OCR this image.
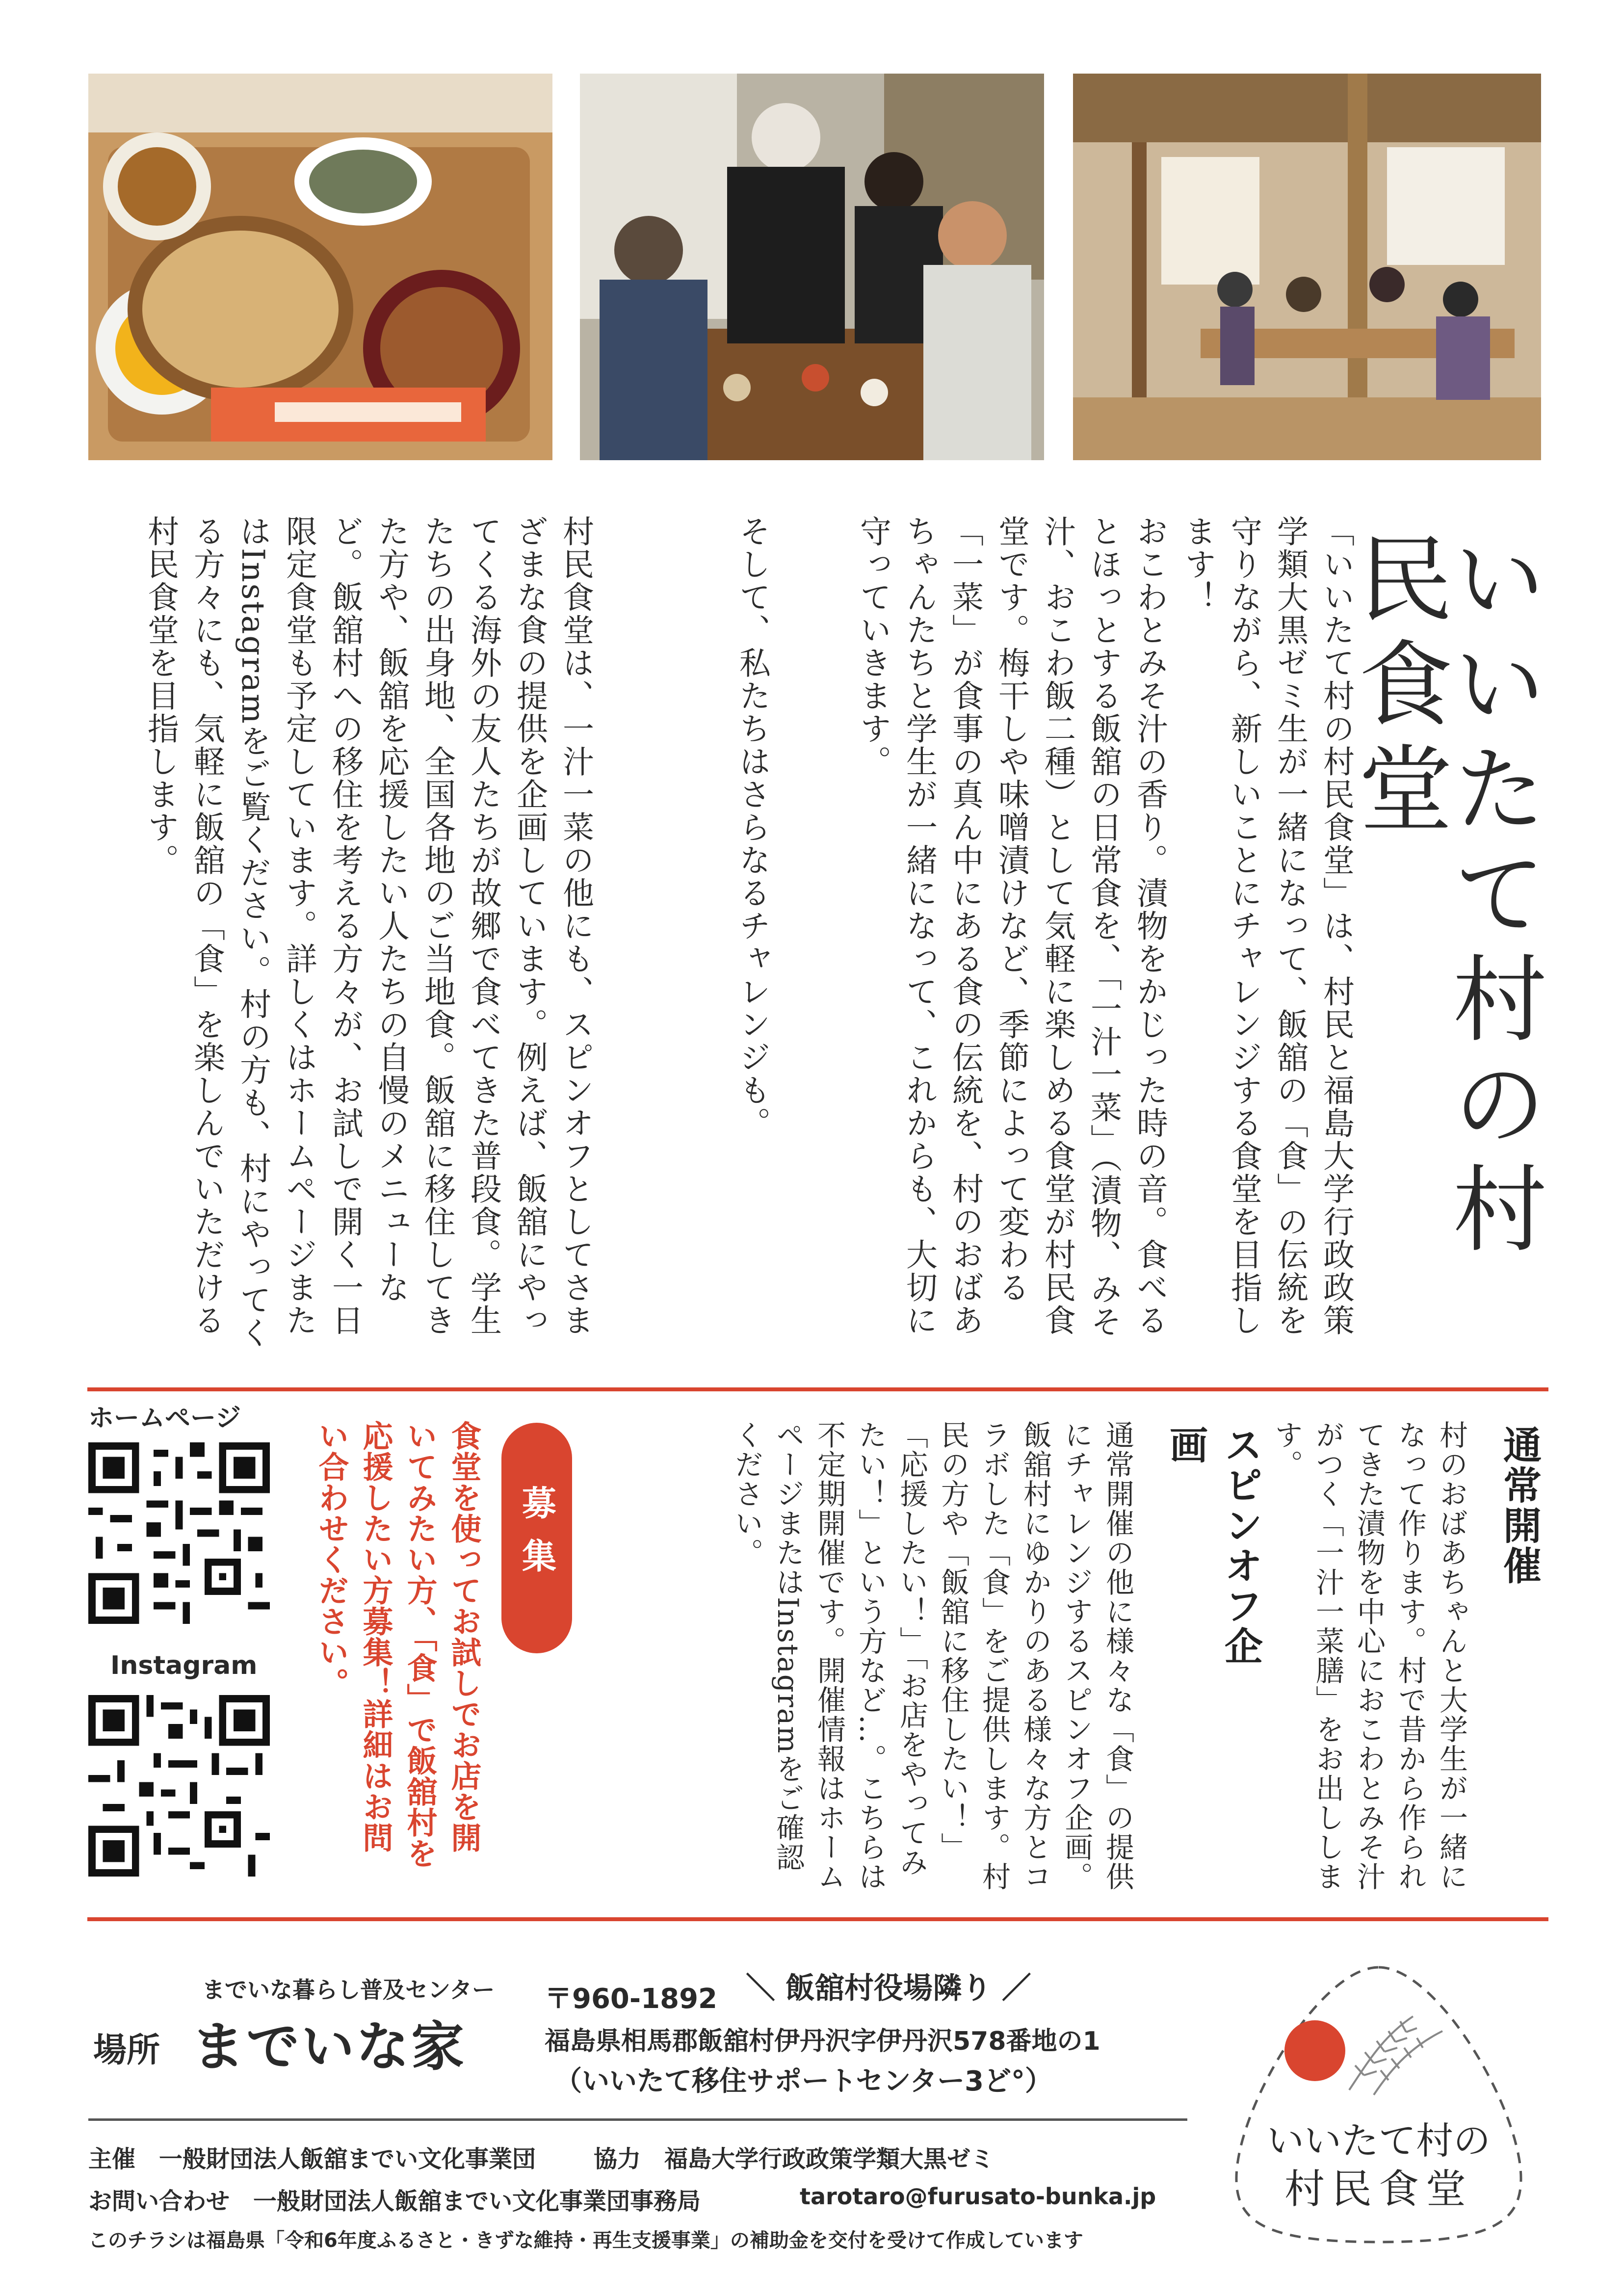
いいたて村の村民食堂
「いいたて村の村民食堂」は、村民と福島大学行政政策学類大黒ゼミ生が一緒になって、飯舘の「食」の伝統を守りながら、新しいことにチャレンジする食堂を目指します！
おこわとみそ汁の香り。漬物をかじった時の音。食べるとほっとする飯舘の日常食を、「一汁一菜」（漬物、みそ汁、おこわ飯二種）として気軽に楽しめる食堂が村民食堂です。梅干しや味噌漬けなど、季節によって変わる「一菜」が食事の真ん中にある食の伝統を、村のおばあちゃんたちと学生が一緒になって、これからも、大切に守っていきます。
そして、私たちはさらなるチャレンジも。
村民食堂は、一汁一菜の他にも、スピンオフとしてさまざまな食の提供を企画しています。例えば、飯舘にやってくる海外の友人たちが故郷で食べてきた普段食。学生たちの出身地、全国各地のご当地食。飯舘に移住してきた方や、飯舘を応援したい人たちの自慢のメニューなど。飯舘村への移住を考える方々が、お試しで開く一日限定食堂も予定しています。詳しくはホームページまたはInstagramをご覧ください。村の方も、村にやってくる方々にも、気軽に飯舘の「食」を楽しんでいただける村民食堂を目指します。
通常開催
村のおばあちゃんと大学生が一緒になって作ります。村で昔から作られてきた漬物を中心におこわとみそ汁がつく「一汁一菜膳」をお出しします。
スピンオフ企画
通常開催の他に様々な「食」の提供にチャレンジするスピンオフ企画。飯舘村にゆかりのある様々な方とコラボした「食」をご提供します。村民の方や「飯舘に移住したい！」「応援したい！」「お店をやってみたい！」という方など…。こちらは不定期開催です。開催情報はホームページまたはInstagramをご確認ください。
募集
食堂を使ってお試しでお店を開いてみたい方、「食」で飯舘村を応援したい方募集！詳細はお問い合わせください。
ホームページ
Instagram
までいな暮らし普及センター
場所 までいな家
〒960-1892 ＼ 飯舘村役場隣り ／
福島県相馬郡飯舘村伊丹沢字伊丹沢578番地の1
（いいたて移住サポートセンター3ど°）
主催　一般財団法人飯舘までい文化事業団 協力　福島大学行政政策学類大黒ゼミ
お問い合わせ　一般財団法人飯舘までい文化事業団事務局	tarotaro@furusato-bunka.jp
このチラシは福島県「令和6年度ふるさと・きずな維持・再生支援事業」の補助金を交付を受けて作成しています
いいたて村の
村民食堂
